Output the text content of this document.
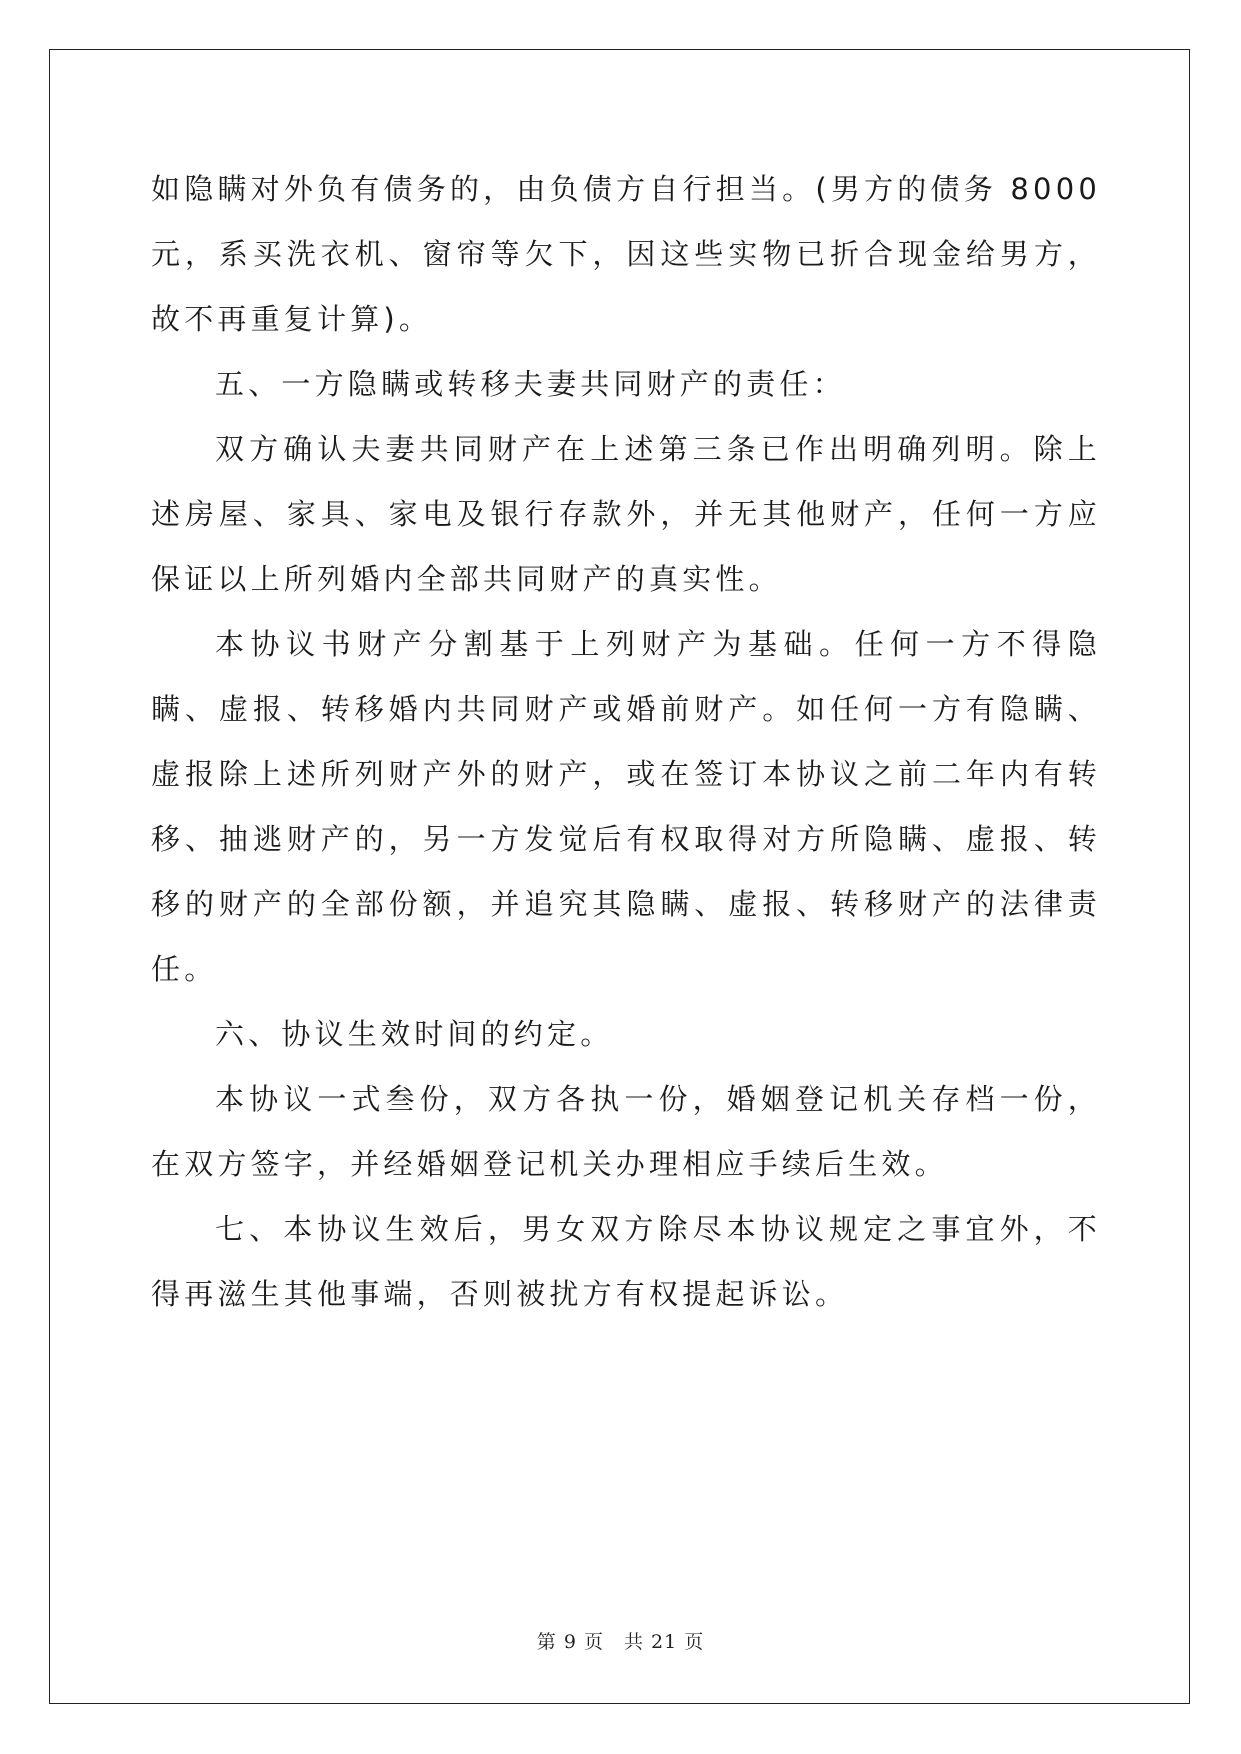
如隐瞒对外负有债务的，由负债方自行担当。(男方的债务 8000 元，系买洗衣机、窗帘等欠下，因这些实物已折合现金给男方，故不再重复计算)。

五、一方隐瞒或转移夫妻共同财产的责任：

双方确认夫妻共同财产在上述第三条已作出明确列明。除上述房屋、家具、家电及银行存款外，并无其他财产，任何一方应保证以上所列婚内全部共同财产的真实性。

本协议书财产分割基于上列财产为基础。任何一方不得隐瞒、虚报、转移婚内共同财产或婚前财产。如任何一方有隐瞒、虚报除上述所列财产外的财产，或在签订本协议之前二年内有转移、抽逃财产的，另一方发觉后有权取得对方所隐瞒、虚报、转移的财产的全部份额，并追究其隐瞒、虚报、转移财产的法律责任。

六、协议生效时间的约定。

本协议一式叁份，双方各执一份，婚姻登记机关存档一份，在双方签字，并经婚姻登记机关办理相应手续后生效。

七、本协议生效后，男女双方除尽本协议规定之事宜外，不得再滋生其他事端，否则被扰方有权提起诉讼。

第 9 页　共 21 页
